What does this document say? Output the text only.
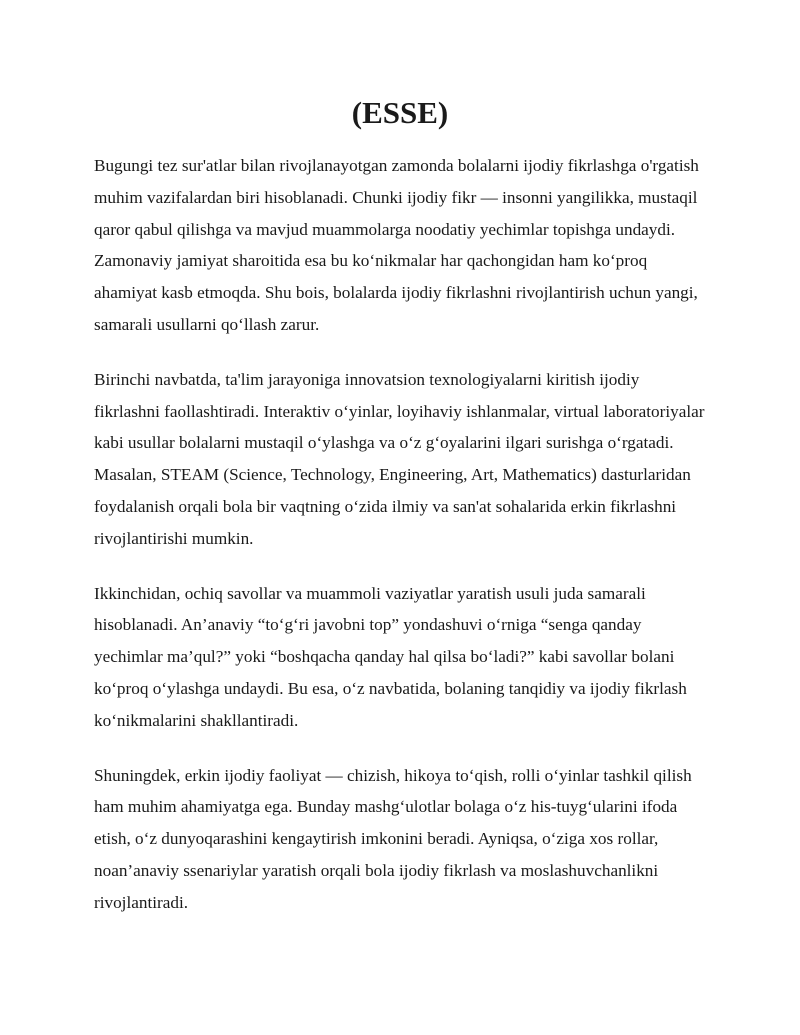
(ESSE)

Bugungi tez sur'atlar bilan rivojlanayotgan zamonda bolalarni ijodiy fikrlashga o'rgatish muhim vazifalardan biri hisoblanadi. Chunki ijodiy fikr — insonni yangilikka, mustaqil qaror qabul qilishga va mavjud muammolarga noodatiy yechimlar topishga undaydi. Zamonaviy jamiyat sharoitida esa bu ko‘nikmalar har qachongidan ham ko‘proq ahamiyat kasb etmoqda. Shu bois, bolalarda ijodiy fikrlashni rivojlantirish uchun yangi, samarali usullarni qo‘llash zarur.

Birinchi navbatda, ta'lim jarayoniga innovatsion texnologiyalarni kiritish ijodiy fikrlashni faollashtiradi. Interaktiv o‘yinlar, loyihaviy ishlanmalar, virtual laboratoriyalar kabi usullar bolalarni mustaqil o‘ylashga va o‘z g‘oyalarini ilgari surishga o‘rgatadi. Masalan, STEAM (Science, Technology, Engineering, Art, Mathematics) dasturlaridan foydalanish orqali bola bir vaqtning o‘zida ilmiy va san'at sohalarida erkin fikrlashni rivojlantirishi mumkin.

Ikkinchidan, ochiq savollar va muammoli vaziyatlar yaratish usuli juda samarali hisoblanadi. An’anaviy “to‘g‘ri javobni top” yondashuvi o‘rniga “senga qanday yechimlar ma’qul?” yoki “boshqacha qanday hal qilsa bo‘ladi?” kabi savollar bolani ko‘proq o‘ylashga undaydi. Bu esa, o‘z navbatida, bolaning tanqidiy va ijodiy fikrlash ko‘nikmalarini shakllantiradi.

Shuningdek, erkin ijodiy faoliyat — chizish, hikoya to‘qish, rolli o‘yinlar tashkil qilish ham muhim ahamiyatga ega. Bunday mashg‘ulotlar bolaga o‘z his-tuyg‘ularini ifoda etish, o‘z dunyoqarashini kengaytirish imkonini beradi. Ayniqsa, o‘ziga xos rollar, noan’anaviy ssenariylar yaratish orqali bola ijodiy fikrlash va moslashuvchanlikni rivojlantiradi.
